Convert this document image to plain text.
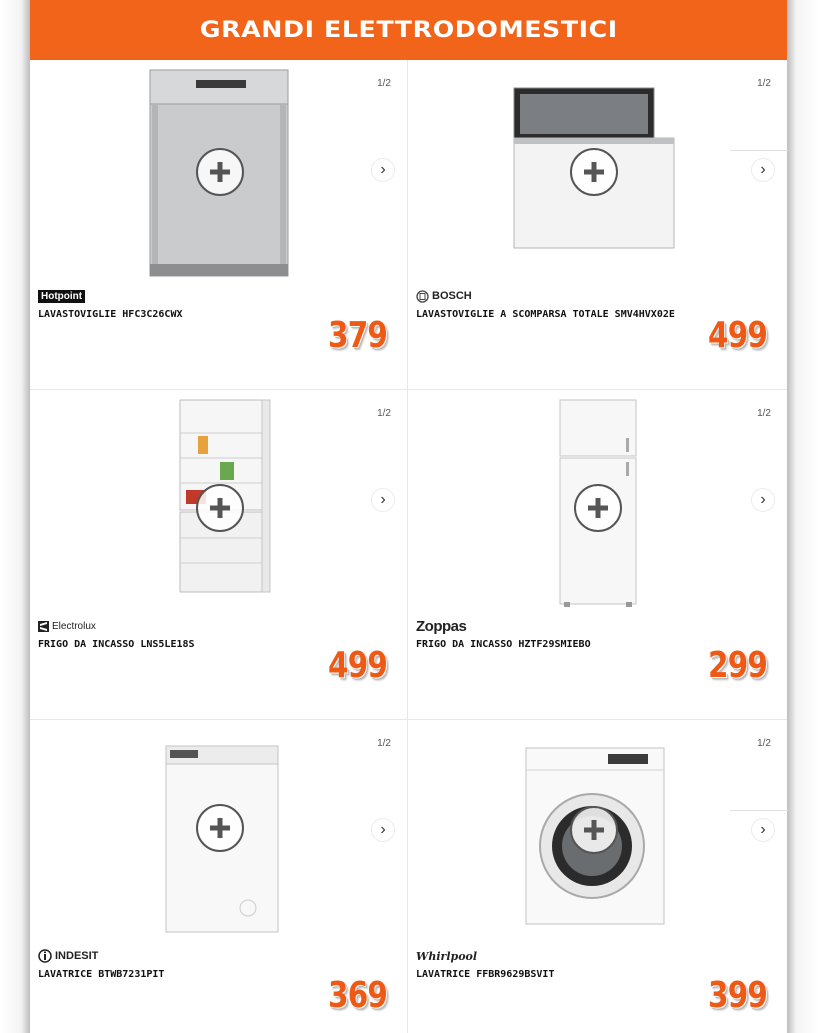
GRANDI ELETTRODOMESTICI
1/2
›
Hotpoint
LAVASTOVIGLIE HFC3C26CWX
379
1/2
›
BOSCH
LAVASTOVIGLIE A SCOMPARSA TOTALE SMV4HVX02E
499
1/2
›
Electrolux
FRIGO DA INCASSO LNS5LE18S
499
1/2
›
Zoppas
FRIGO DA INCASSO HZTF29SMIEBO
299
1/2
›
INDESIT
LAVATRICE BTWB7231PIT
369
1/2
›
Whirlpool
LAVATRICE FFBR9629BSVIT
399
